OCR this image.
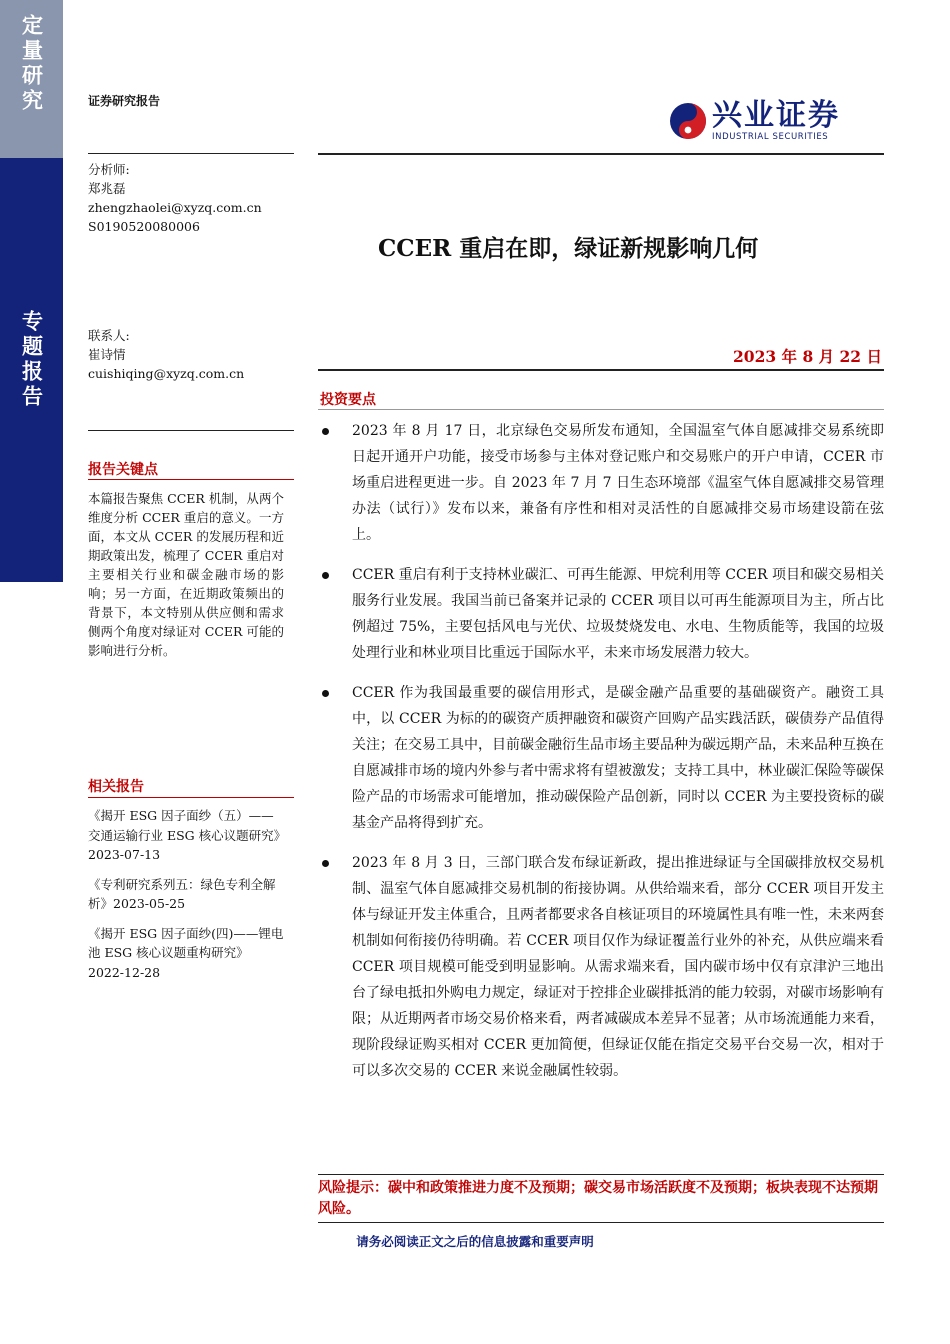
定量研究
专题报告
证券研究报告	兴业证券
INDUSTRIAL SECURITIES
分析师:
郑兆磊
zhengzhaolei@xyzq.com.cn
S0190520080006
联系人:
崔诗情
cuishiqing@xyzq.com.cn
CCER 重启在即，绿证新规影响几何
2023 年 8 月 22 日
报告关键点
本篇报告聚焦 CCER 机制，从两个维度分析 CCER 重启的意义。一方面，本文从 CCER 的发展历程和近期政策出发，梳理了 CCER 重启对主要相关行业和碳金融市场的影响；另一方面，在近期政策频出的背景下，本文特别从供应侧和需求侧两个角度对绿证对 CCER 可能的影响进行分析。
相关报告
《揭开 ESG 因子面纱（五）——交通运输行业 ESG 核心议题研究》2023-07-13
《专利研究系列五：绿色专利全解析》2023-05-25
《揭开 ESG 因子面纱(四)——锂电池 ESG 核心议题重构研究》2022-12-28
投资要点
2023 年 8 月 17 日，北京绿色交易所发布通知，全国温室气体自愿减排交易系统即日起开通开户功能，接受市场参与主体对登记账户和交易账户的开户申请，CCER 市场重启进程更进一步。自 2023 年 7 月 7 日生态环境部《温室气体自愿减排交易管理办法（试行）》发布以来，兼备有序性和相对灵活性的自愿减排交易市场建设箭在弦上。
CCER 重启有利于支持林业碳汇、可再生能源、甲烷利用等 CCER 项目和碳交易相关服务行业发展。我国当前已备案并记录的 CCER 项目以可再生能源项目为主，所占比例超过 75%，主要包括风电与光伏、垃圾焚烧发电、水电、生物质能等，我国的垃圾处理行业和林业项目比重远于国际水平，未来市场发展潜力较大。
CCER 作为我国最重要的碳信用形式，是碳金融产品重要的基础碳资产。融资工具中，以 CCER 为标的的碳资产质押融资和碳资产回购产品实践活跃，碳债券产品值得关注；在交易工具中，目前碳金融衍生品市场主要品种为碳远期产品，未来品种互换在自愿减排市场的境内外参与者中需求将有望被激发；支持工具中，林业碳汇保险等碳保险产品的市场需求可能增加，推动碳保险产品创新，同时以 CCER 为主要投资标的碳基金产品将得到扩充。
2023 年 8 月 3 日，三部门联合发布绿证新政，提出推进绿证与全国碳排放权交易机制、温室气体自愿减排交易机制的衔接协调。从供给端来看，部分 CCER 项目开发主体与绿证开发主体重合，且两者都要求各自核证项目的环境属性具有唯一性，未来两套机制如何衔接仍待明确。若 CCER 项目仅作为绿证覆盖行业外的补充，从供应端来看 CCER 项目规模可能受到明显影响。从需求端来看，国内碳市场中仅有京津沪三地出台了绿电抵扣外购电力规定，绿证对于控排企业碳排抵消的能力较弱，对碳市场影响有限；从近期两者市场交易价格来看，两者减碳成本差异不显著；从市场流通能力来看，现阶段绿证购买相对 CCER 更加简便，但绿证仅能在指定交易平台交易一次，相对于可以多次交易的 CCER 来说金融属性较弱。
风险提示：碳中和政策推进力度不及预期；碳交易市场活跃度不及预期；板块表现不达预期风险。
请务必阅读正文之后的信息披露和重要声明
